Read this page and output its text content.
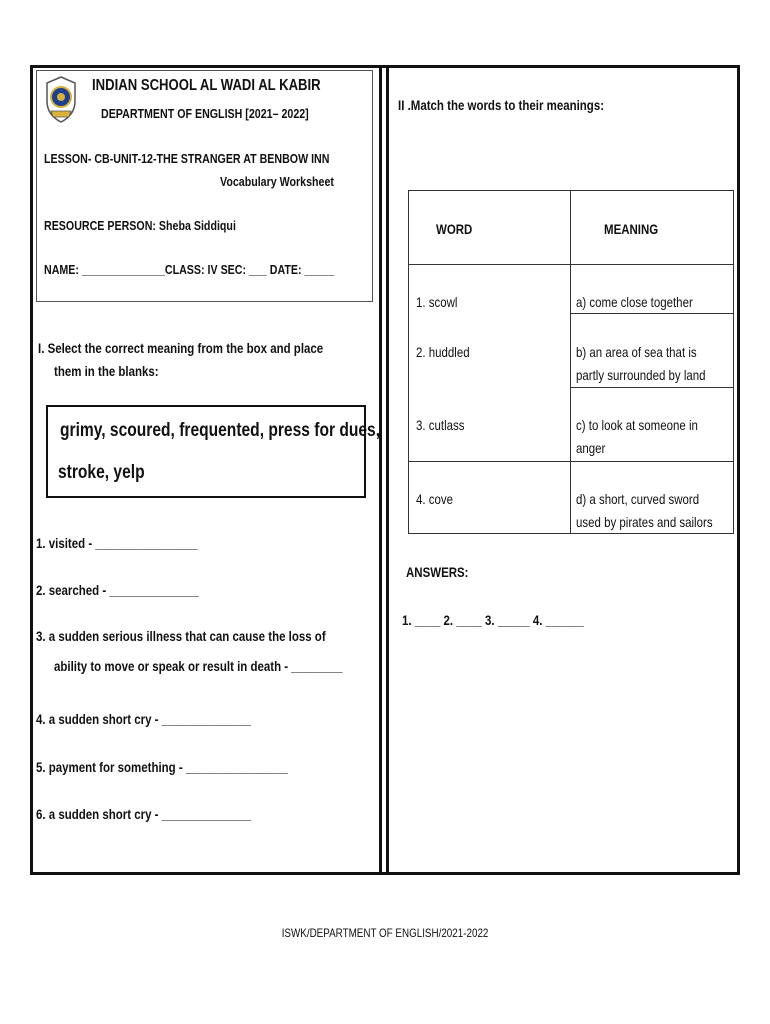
INDIAN SCHOOL AL WADI AL KABIR
DEPARTMENT OF ENGLISH [2021– 2022]
LESSON- CB-UNIT-12-THE STRANGER AT BENBOW INN
Vocabulary Worksheet
RESOURCE PERSON: Sheba Siddiqui
NAME: ______________CLASS: IV SEC: ___ DATE: _____
I. Select the correct meaning from the box and place
them in the blanks:
grimy, scoured, frequented, press for dues,
stroke, yelp
1. visited - ________________
2. searched - ______________
3. a sudden serious illness that can cause the loss of
ability to move or speak or result in death - ________
4. a sudden short cry - ______________
5. payment for something - ________________
6. a sudden short cry - ______________
II .Match the words to their meanings:
WORD	MEANING
1. scowl	a) come close together
2. huddled	b) an area of sea that is
partly surrounded by land
3. cutlass	c) to look at someone in
anger
4. cove	d) a short, curved sword
used by pirates and sailors
ANSWERS:
1. ____ 2. ____ 3. _____ 4. ______
ISWK/DEPARTMENT OF ENGLISH/2021-2022
